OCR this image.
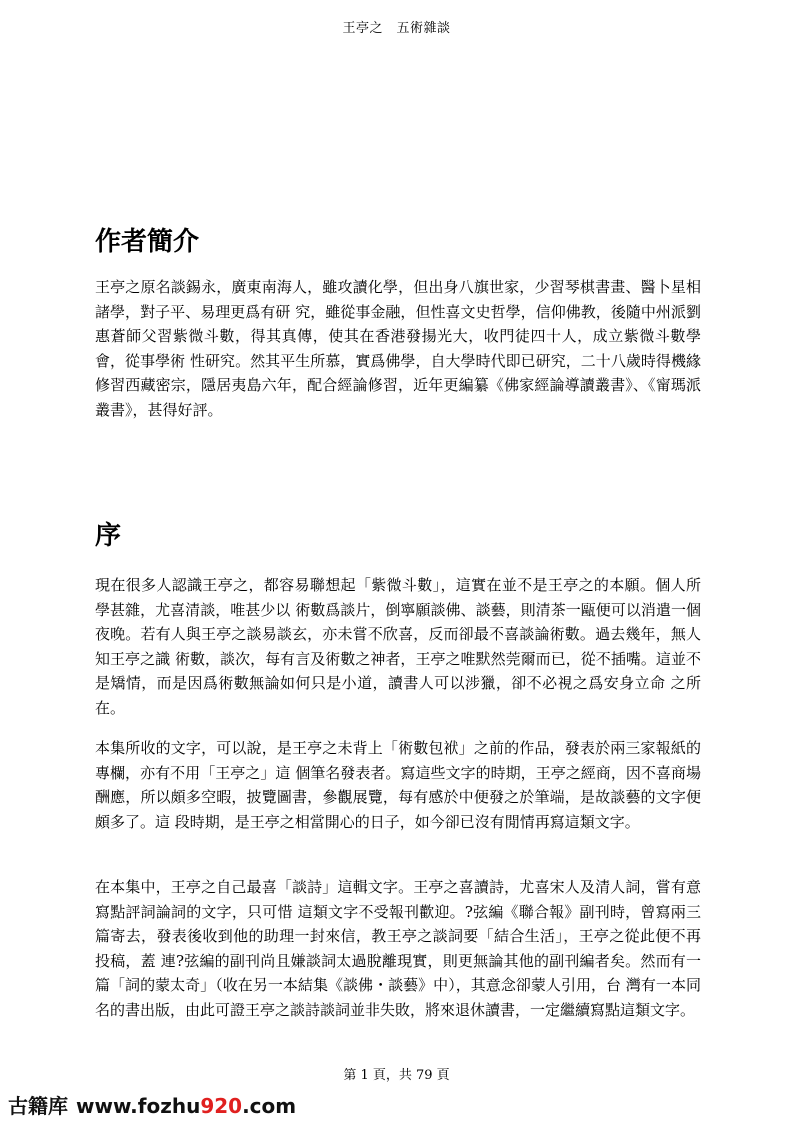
王亭之　五術雜談
作者簡介

王亭之原名談錫永，廣東南海人，雖攻讀化學，但出身八旗世家，少習琴棋書畫、醫卜星相諸學，對子平、易理更爲有研 究，雖從事金融，但性喜文史哲學，信仰佛教，後隨中州派劉惠蒼師父習紫微斗數，得其真傳，使其在香港發揚光大，收門徒四十人，成立紫微斗數學會，從事學術 性研究。然其平生所慕，實爲佛學，自大學時代即已研究，二十八歲時得機緣修習西藏密宗，隱居夷島六年，配合經論修習，近年更編纂《佛家經論導讀叢書》、《甯瑪派叢書》，甚得好評。

序

現在很多人認識王亭之，都容易聯想起「紫微斗數」，這實在並不是王亭之的本願。個人所學甚雜，尤喜清談，唯甚少以 術數爲談片，倒寧願談佛、談藝，則清茶一甌便可以消遣一個夜晚。若有人與王亭之談易談玄，亦未嘗不欣喜，反而卻最不喜談論術數。過去幾年，無人知王亭之識 術數，談次，每有言及術數之神者，王亭之唯默然莞爾而已，從不插嘴。這並不是矯情，而是因爲術數無論如何只是小道，讀書人可以涉獵，卻不必視之爲安身立命 之所在。

本集所收的文字，可以說，是王亭之未背上「術數包袱」之前的作品，發表於兩三家報紙的專欄，亦有不用「王亭之」這 個筆名發表者。寫這些文字的時期，王亭之經商，因不喜商場酬應，所以頗多空暇，披覽圖書，參觀展覽，每有感於中便發之於筆端，是故談藝的文字便頗多了。這 段時期，是王亭之相當開心的日子，如今卻已沒有閒情再寫這類文字。

在本集中，王亭之自己最喜「談詩」這輯文字。王亭之喜讀詩，尤喜宋人及清人詞，嘗有意寫點評詞論詞的文字，只可惜 這類文字不受報刊歡迎。?弦編《聯合報》副刊時，曾寫兩三篇寄去，發表後收到他的助理一封來信，教王亭之談詞要「結合生活」，王亭之從此便不再投稿，蓋 連?弦編的副刊尚且嫌談詞太過脫離現實，則更無論其他的副刊編者矣。然而有一篇「詞的蒙太奇」（收在另一本結集《談佛・談藝》中），其意念卻蒙人引用，台 灣有一本同名的書出版，由此可證王亭之談詩談詞並非失敗，將來退休讀書，一定繼續寫點這類文字。

第 1 頁，共 79 頁
古籍库 www.fozhu920.com
